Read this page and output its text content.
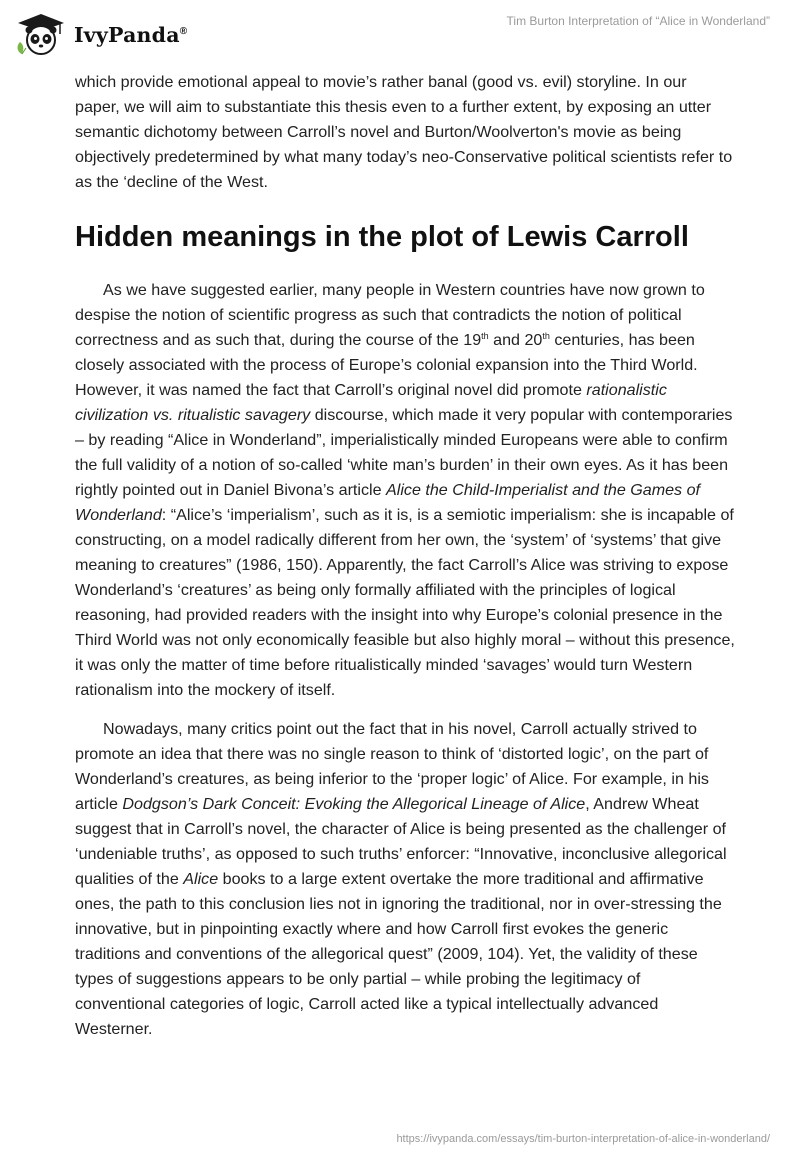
IvyPanda®
Tim Burton Interpretation of “Alice in Wonderland”

which provide emotional appeal to movie’s rather banal (good vs. evil) storyline. In our paper, we will aim to substantiate this thesis even to a further extent, by exposing an utter semantic dichotomy between Carroll’s novel and Burton/Woolverton's movie as being objectively predetermined by what many today’s neo-Conservative political scientists refer to as the ‘decline of the West.

Hidden meanings in the plot of Lewis Carroll

As we have suggested earlier, many people in Western countries have now grown to despise the notion of scientific progress as such that contradicts the notion of political correctness and as such that, during the course of the 19th and 20th centuries, has been closely associated with the process of Europe’s colonial expansion into the Third World. However, it was named the fact that Carroll’s original novel did promote rationalistic civilization vs. ritualistic savagery discourse, which made it very popular with contemporaries – by reading “Alice in Wonderland”, imperialistically minded Europeans were able to confirm the full validity of a notion of so-called ‘white man’s burden’ in their own eyes. As it has been rightly pointed out in Daniel Bivona’s article Alice the Child-Imperialist and the Games of Wonderland: “Alice’s ‘imperialism’, such as it is, is a semiotic imperialism: she is incapable of constructing, on a model radically different from her own, the ‘system’ of ‘systems’ that give meaning to creatures” (1986, 150). Apparently, the fact Carroll’s Alice was striving to expose Wonderland’s ‘creatures’ as being only formally affiliated with the principles of logical reasoning, had provided readers with the insight into why Europe’s colonial presence in the Third World was not only economically feasible but also highly moral – without this presence, it was only the matter of time before ritualistically minded ‘savages’ would turn Western rationalism into the mockery of itself.

Nowadays, many critics point out the fact that in his novel, Carroll actually strived to promote an idea that there was no single reason to think of ‘distorted logic’, on the part of Wonderland’s creatures, as being inferior to the ‘proper logic’ of Alice. For example, in his article Dodgson’s Dark Conceit: Evoking the Allegorical Lineage of Alice, Andrew Wheat suggest that in Carroll’s novel, the character of Alice is being presented as the challenger of ‘undeniable truths’, as opposed to such truths’ enforcer: “Innovative, inconclusive allegorical qualities of the Alice books to a large extent overtake the more traditional and affirmative ones, the path to this conclusion lies not in ignoring the traditional, nor in over-stressing the innovative, but in pinpointing exactly where and how Carroll first evokes the generic traditions and conventions of the allegorical quest” (2009, 104). Yet, the validity of these types of suggestions appears to be only partial – while probing the legitimacy of conventional categories of logic, Carroll acted like a typical intellectually advanced Westerner.

https://ivypanda.com/essays/tim-burton-interpretation-of-alice-in-wonderland/
